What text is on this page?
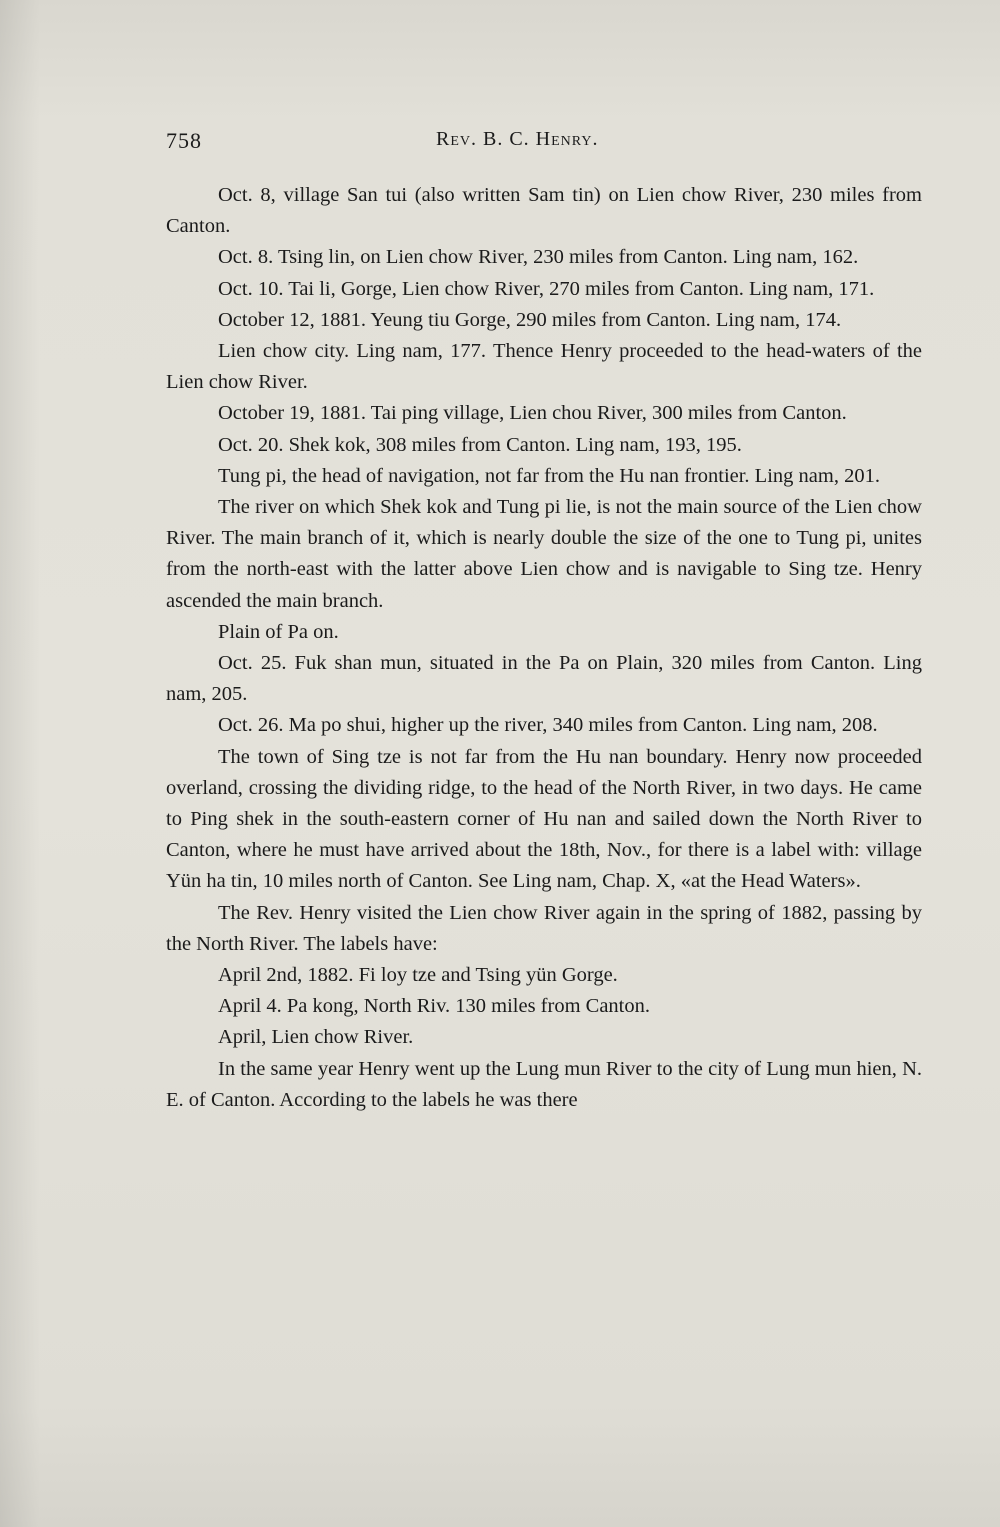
758	Rev. B. C. Henry.

Oct. 8, village San tui (also written Sam tin) on Lien chow River, 230 miles from Canton.

Oct. 8. Tsing lin, on Lien chow River, 230 miles from Canton. Ling nam, 162.

Oct. 10. Tai li, Gorge, Lien chow River, 270 miles from Canton. Ling nam, 171.

October 12, 1881. Yeung tiu Gorge, 290 miles from Canton. Ling nam, 174.

Lien chow city. Ling nam, 177. Thence Henry proceeded to the head-waters of the Lien chow River.

October 19, 1881. Tai ping village, Lien chou River, 300 miles from Canton.

Oct. 20. Shek kok, 308 miles from Canton. Ling nam, 193, 195.

Tung pi, the head of navigation, not far from the Hu nan frontier. Ling nam, 201.

The river on which Shek kok and Tung pi lie, is not the main source of the Lien chow River. The main branch of it, which is nearly double the size of the one to Tung pi, unites from the north-east with the latter above Lien chow and is navigable to Sing tze. Henry ascended the main branch.

Plain of Pa on.

Oct. 25. Fuk shan mun, situated in the Pa on Plain, 320 miles from Canton. Ling nam, 205.

Oct. 26. Ma po shui, higher up the river, 340 miles from Canton. Ling nam, 208.

The town of Sing tze is not far from the Hu nan boundary. Henry now proceeded overland, crossing the dividing ridge, to the head of the North River, in two days. He came to Ping shek in the south-eastern corner of Hu nan and sailed down the North River to Canton, where he must have arrived about the 18th, Nov., for there is a label with: village Yün ha tin, 10 miles north of Canton. See Ling nam, Chap. X, «at the Head Waters».

The Rev. Henry visited the Lien chow River again in the spring of 1882, passing by the North River. The labels have:

April 2nd, 1882. Fi loy tze and Tsing yün Gorge.

April 4. Pa kong, North Riv. 130 miles from Canton.

April, Lien chow River.

In the same year Henry went up the Lung mun River to the city of Lung mun hien, N. E. of Canton. According to the labels he was there
